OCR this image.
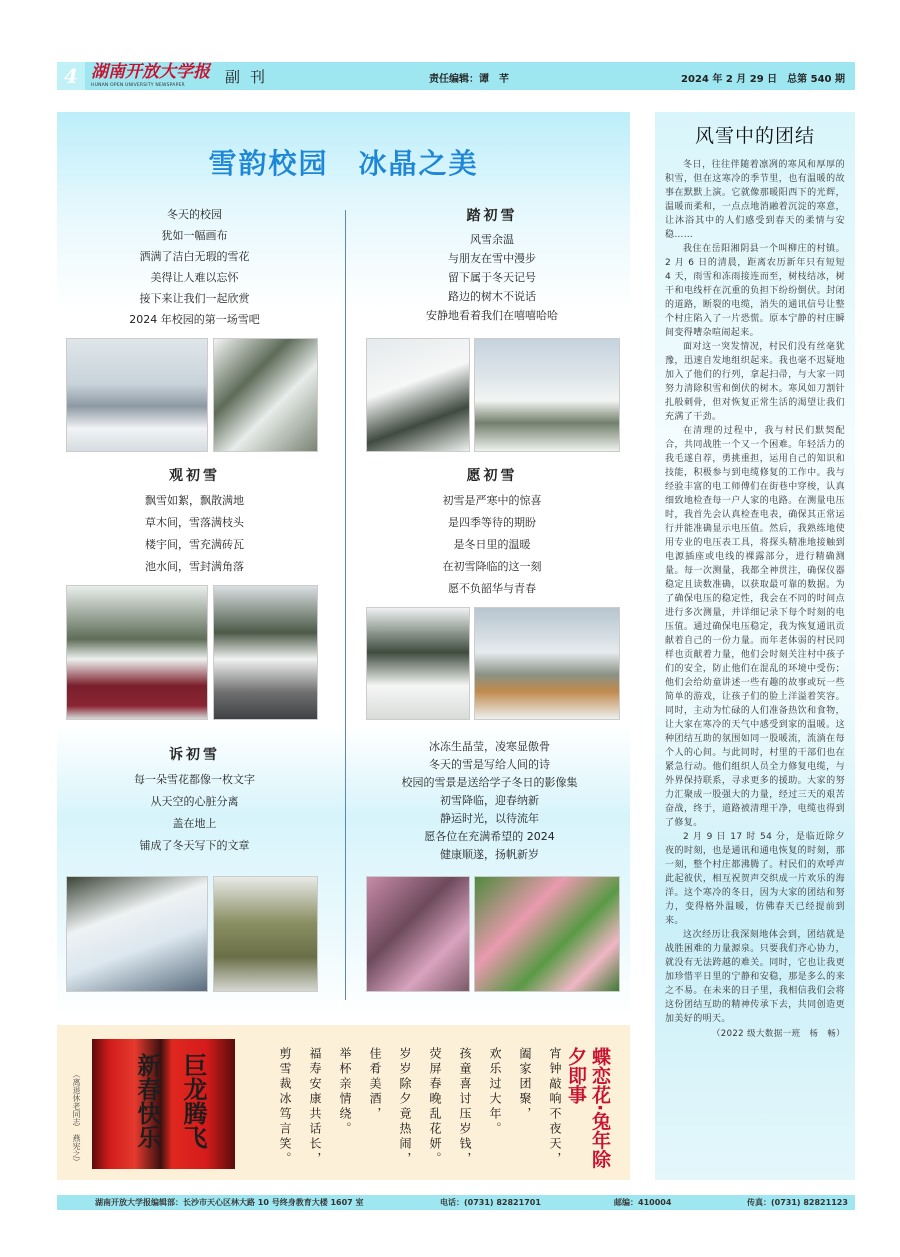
4 湖南开放大学报
HUNAN OPEN UNIVERSITY NEWSPAPER	副刊	责任编辑：谭　芊	2024 年 2 月 29 日　总第 540 期
雪韵校园　冰晶之美
冬天的校园
犹如一幅画布
洒满了洁白无瑕的雪花
美得让人难以忘怀
接下来让我们一起欣赏
2024 年校园的第一场雪吧
踏初雪
风雪余温
与朋友在雪中漫步
留下属于冬天记号
路边的树木不说话
安静地看着我们在嘻嘻哈哈
观初雪
飘雪如絮，飘散满地
草木间，雪落满枝头
楼宇间，雪充满砖瓦
池水间，雪封满角落
愿初雪
初雪是严寒中的惊喜
是四季等待的期盼
是冬日里的温暖
在初雪降临的这一刻
愿不负韶华与青春
诉初雪
每一朵雪花都像一枚文字
从天空的心脏分离
盖在地上
铺成了冬天写下的文章
冰冻生晶莹，凌寒显傲骨
冬天的雪是写给人间的诗
校园的雪景是送给学子冬日的影像集
初雪降临，迎春纳新
静运时光，以待流年
愿各位在充满希望的 2024
健康顺遂，扬帆新岁
（离退休老同志　燕宪之） 新春快乐 巨龙腾飞	蝶恋花·兔年除夕即事
宵钟敲响不夜天，
阖家团聚，
欢乐过大年。
孩童喜讨压岁钱，
荧屏春晚乱花妍。
岁岁除夕竟热闹，
佳肴美酒，
举杯亲情绕。
福寿安康共话长，
剪雪裁冰笃言笑。
风雪中的团结

冬日，往往伴随着凛冽的寒风和厚厚的积雪，但在这寒冷的季节里，也有温暖的故事在默默上演。它就像那暖阳西下的光辉，温暖而柔和，一点点地消融着沉淀的寒意，让沐浴其中的人们感受到春天的柔情与安稳……

我住在岳阳湘阴县一个叫柳庄的村镇。2 月 6 日的清晨，距离农历新年只有短短 4 天，雨雪和冻雨接连而至，树枝结冰，树干和电线杆在沉重的负担下纷纷倒伏。封闭的道路，断裂的电缆，消失的通讯信号让整个村庄陷入了一片恐慌。原本宁静的村庄瞬间变得嘈杂喧闹起来。

面对这一突发情况，村民们没有丝毫犹豫，迅速自发地组织起来。我也毫不迟疑地加入了他们的行列，拿起扫帚，与大家一同努力清除积雪和倒伏的树木。寒风如刀割针扎般刺骨，但对恢复正常生活的渴望让我们充满了干劲。

在清理的过程中，我与村民们默契配合，共同战胜一个又一个困难。年轻活力的我毛遂自荐，勇挑重担，运用自己的知识和技能，积极参与到电缆修复的工作中。我与经验丰富的电工师傅们在街巷中穿梭，认真细致地检查每一户人家的电路。在测量电压时，我首先会认真检查电表，确保其正常运行并能准确显示电压值。然后，我熟练地使用专业的电压表工具，将探头精准地接触到电源插座或电线的裸露部分，进行精确测量。每一次测量，我都全神贯注，确保仪器稳定且读数准确，以获取最可靠的数据。为了确保电压的稳定性，我会在不同的时间点进行多次测量，并详细记录下每个时刻的电压值。通过确保电压稳定，我为恢复通讯贡献着自己的一份力量。而年老体弱的村民同样也贡献着力量，他们会时刻关注村中孩子们的安全，防止他们在混乱的环境中受伤；他们会给幼童讲述一些有趣的故事或玩一些简单的游戏，让孩子们的脸上洋溢着笑容。同时，主动为忙碌的人们准备热饮和食物，让大家在寒冷的天气中感受到家的温暖。这种团结互助的氛围如同一股暖流，流淌在每个人的心间。与此同时，村里的干部们也在紧急行动。他们组织人员全力修复电缆，与外界保持联系，寻求更多的援助。大家的努力汇聚成一股强大的力量，经过三天的艰苦奋战，终于，道路被清理干净，电缆也得到了修复。

2 月 9 日 17 时 54 分，是临近除夕夜的时刻，也是通讯和通电恢复的时刻，那一刻，整个村庄都沸腾了。村民们的欢呼声此起彼伏，相互祝贺声交织成一片欢乐的海洋。这个寒冷的冬日，因为大家的团结和努力，变得格外温暖，仿佛春天已经提前到来。

这次经历让我深刻地体会到，团结就是战胜困难的力量源泉。只要我们齐心协力，就没有无法跨越的难关。同时，它也让我更加珍惜平日里的宁静和安稳，那是多么的来之不易。在未来的日子里，我相信我们会将这份团结互助的精神传承下去，共同创造更加美好的明天。

（2022 级大数据一班　杨　畅）
湖南开放大学报编辑部：长沙市天心区林大路 10 号终身教育大楼 1607 室	电话：(0731) 82821701	邮编：410004	传真：(0731) 82821123
